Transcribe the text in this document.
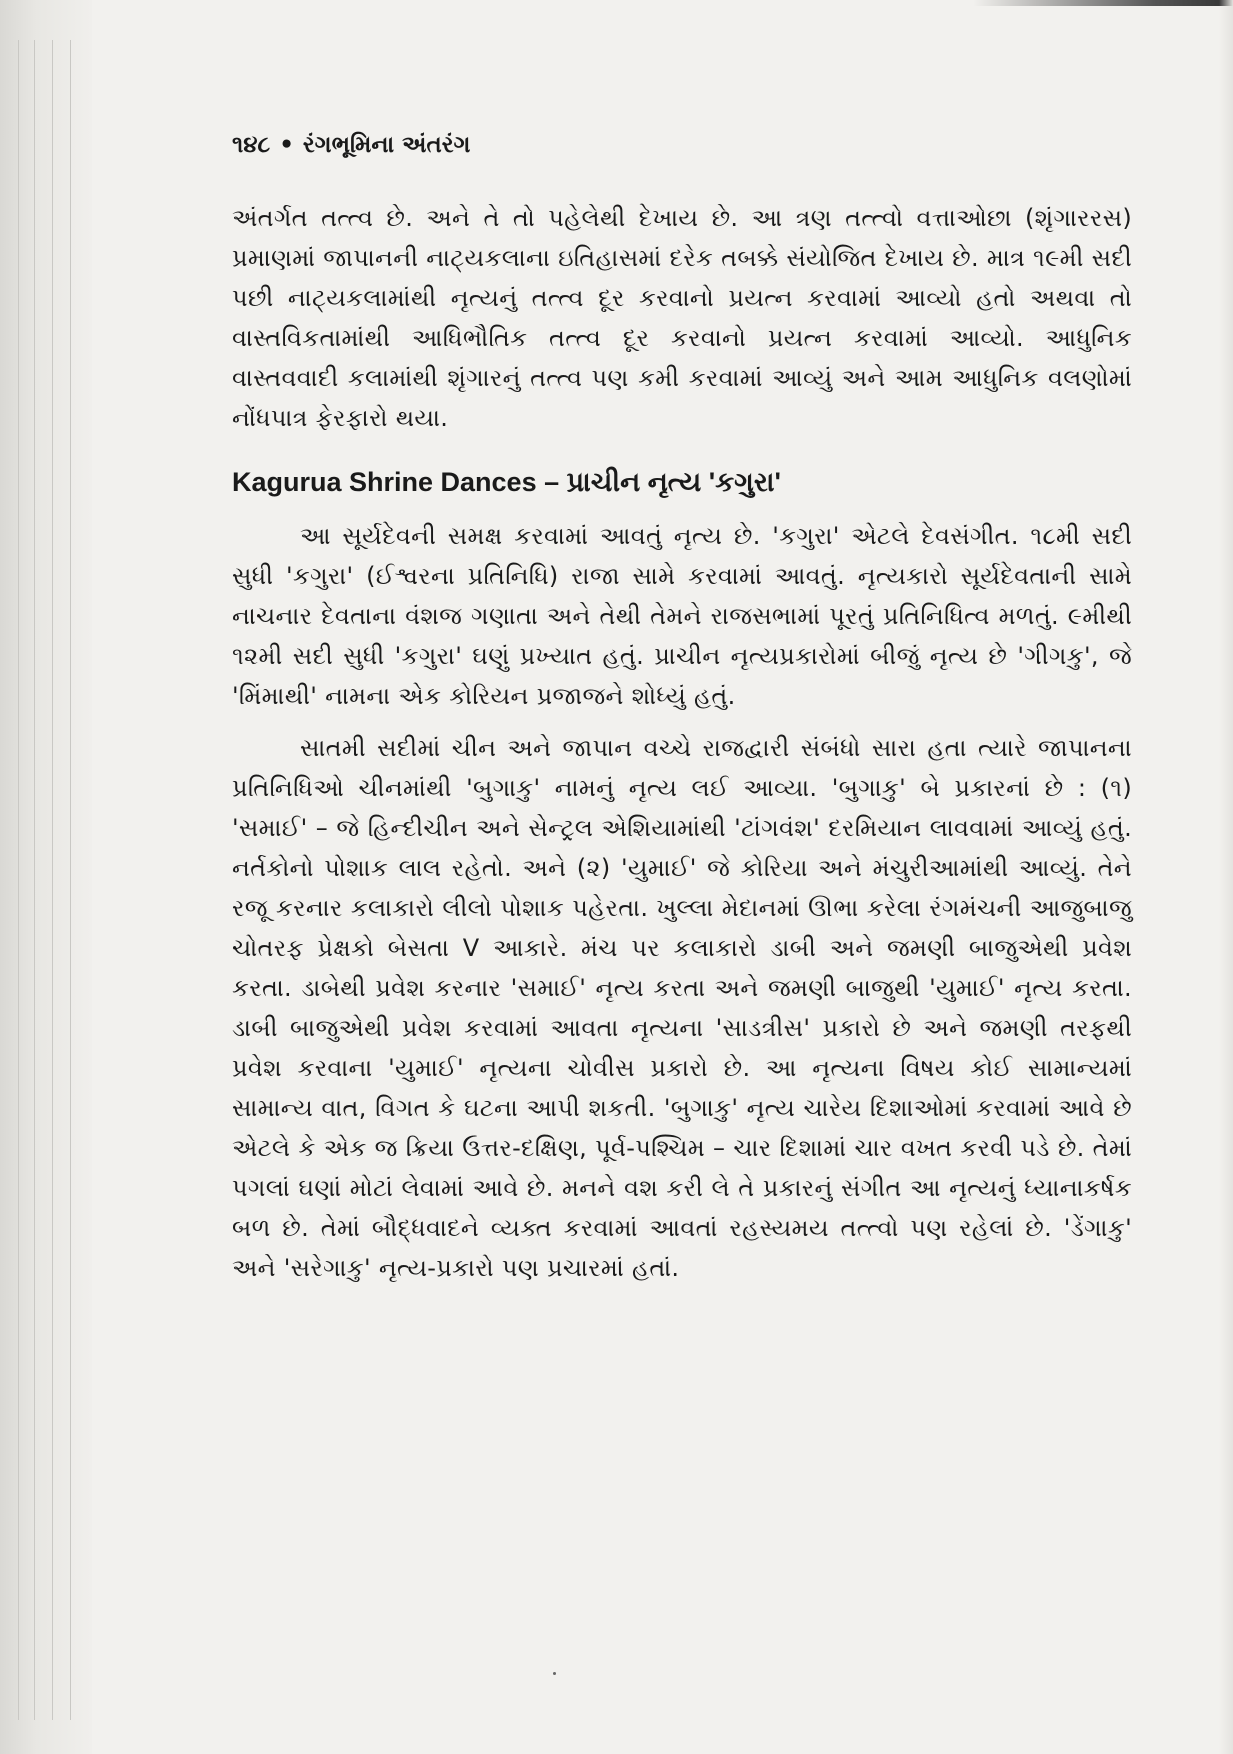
૧૪૮ • રંગભૂમિના અંતરંગ

અંતર્ગત તત્ત્વ છે. અને તે તો પહેલેથી દેખાય છે. આ ત્રણ તત્ત્વો વત્તાઓછા (શૃંગારરસ) પ્રમાણમાં જાપાનની નાટ્યકલાના ઇતિહાસમાં દરેક તબક્કે સંયોજિત દેખાય છે. માત્ર ૧૯મી સદી પછી નાટ્યકલામાંથી નૃત્યનું તત્ત્વ દૂર કરવાનો પ્રયત્ન કરવામાં આવ્યો હતો અથવા તો વાસ્તવિકતામાંથી આધિભૌતિક તત્ત્વ દૂર કરવાનો પ્રયત્ન કરવામાં આવ્યો. આધુનિક વાસ્તવવાદી કલામાંથી શૃંગારનું તત્ત્વ પણ કમી કરવામાં આવ્યું અને આમ આધુનિક વલણોમાં નોંધપાત્ર ફેરફારો થયા.

Kagurua Shrine Dances – પ્રાચીન નૃત્ય 'કગુરા'

આ સૂર્યદેવની સમક્ષ કરવામાં આવતું નૃત્ય છે. 'કગુરા' એટલે દેવસંગીત. ૧૮મી સદી સુધી 'કગુરા' (ઈશ્વરના પ્રતિનિધિ) રાજા સામે કરવામાં આવતું. નૃત્યકારો સૂર્યદેવતાની સામે નાચનાર દેવતાના વંશજ ગણાતા અને તેથી તેમને રાજસભામાં પૂરતું પ્રતિનિધિત્વ મળતું. ૯મીથી ૧૨મી સદી સુધી 'કગુરા' ઘણું પ્રખ્યાત હતું. પ્રાચીન નૃત્યપ્રકારોમાં બીજું નૃત્ય છે 'ગીગકુ', જે 'મિંમાથી' નામના એક કોરિયન પ્રજાજને શોધ્યું હતું.

સાતમી સદીમાં ચીન અને જાપાન વચ્ચે રાજદ્વારી સંબંધો સારા હતા ત્યારે જાપાનના પ્રતિનિધિઓ ચીનમાંથી 'બુગાકુ' નામનું નૃત્ય લઈ આવ્યા. 'બુગાકુ' બે પ્રકારનાં છે : (૧) 'સમાઈ' – જે હિન્દીચીન અને સેન્ટ્રલ એશિયામાંથી 'ટાંગવંશ' દરમિયાન લાવવામાં આવ્યું હતું. નર્તકોનો પોશાક લાલ રહેતો. અને (૨) 'યુમાઈ' જે કોરિયા અને મંચુરીઆમાંથી આવ્યું. તેને રજૂ કરનાર કલાકારો લીલો પોશાક પહેરતા. ખુલ્લા મેદાનમાં ઊભા કરેલા રંગમંચની આજુબાજુ ચોતરફ પ્રેક્ષકો બેસતા V આકારે. મંચ પર કલાકારો ડાબી અને જમણી બાજુએથી પ્રવેશ કરતા. ડાબેથી પ્રવેશ કરનાર 'સમાઈ' નૃત્ય કરતા અને જમણી બાજુથી 'યુમાઈ' નૃત્ય કરતા. ડાબી બાજુએથી પ્રવેશ કરવામાં આવતા નૃત્યના 'સાડત્રીસ' પ્રકારો છે અને જમણી તરફથી પ્રવેશ કરવાના 'યુમાઈ' નૃત્યના ચોવીસ પ્રકારો છે. આ નૃત્યના વિષય કોઈ સામાન્યમાં સામાન્ય વાત, વિગત કે ઘટના આપી શકતી. 'બુગાકુ' નૃત્ય ચારેય દિશાઓમાં કરવામાં આવે છે એટલે કે એક જ ક્રિયા ઉત્તર-દક્ષિણ, પૂર્વ-પશ્ચિમ – ચાર દિશામાં ચાર વખત કરવી પડે છે. તેમાં પગલાં ઘણાં મોટાં લેવામાં આવે છે. મનને વશ કરી લે તે પ્રકારનું સંગીત આ નૃત્યનું ધ્યાનાકર્ષક બળ છે. તેમાં બૌદ્ધવાદને વ્યક્ત કરવામાં આવતાં રહસ્યમય તત્ત્વો પણ રહેલાં છે. 'ડેંગાકુ' અને 'સરેગાકુ' નૃત્ય-પ્રકારો પણ પ્રચારમાં હતાં.
